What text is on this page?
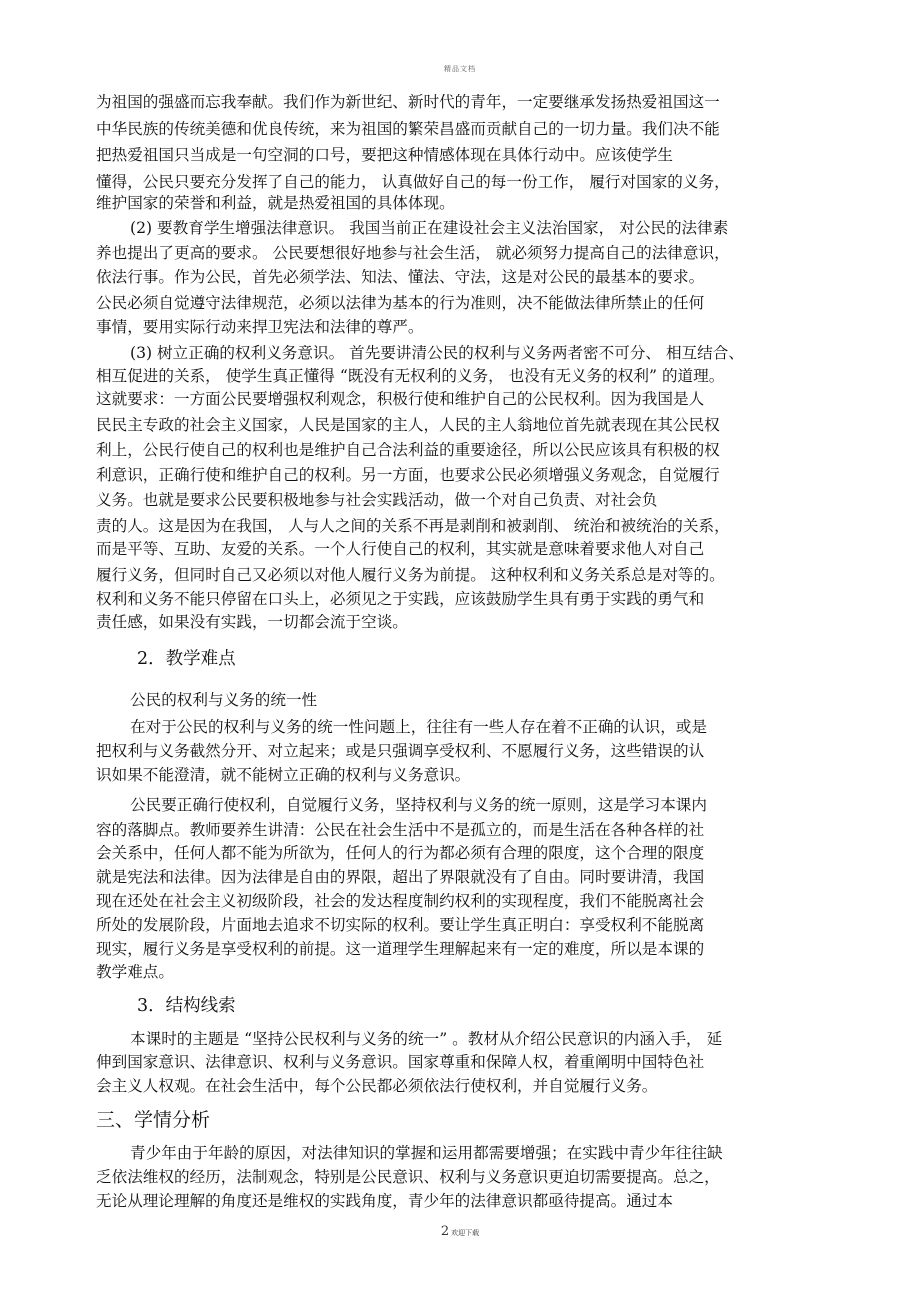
精品文档
为祖国的强盛而忘我奉献。我们作为新世纪、新时代的青年，一定要继承发扬热爱祖国这一
中华民族的传统美德和优良传统，来为祖国的繁荣昌盛而贡献自己的一切力量。我们决不能
把热爱祖国只当成是一句空洞的口号，要把这种情感体现在具体行动中。应该使学生
懂得，公民只要充分发挥了自己的能力， 认真做好自己的每一份工作， 履行对国家的义务，
维护国家的荣誉和利益，就是热爱祖国的具体体现。
(2) 要教育学生增强法律意识。 我国当前正在建设社会主义法治国家， 对公民的法律素
养也提出了更高的要求。 公民要想很好地参与社会生活， 就必须努力提高自己的法律意识，
依法行事。作为公民，首先必须学法、知法、懂法、守法，这是对公民的最基本的要求。
公民必须自觉遵守法律规范，必须以法律为基本的行为准则，决不能做法律所禁止的任何
事情，要用实际行动来捍卫宪法和法律的尊严。
(3) 树立正确的权利义务意识。 首先要讲清公民的权利与义务两者密不可分、 相互结合、
相互促进的关系， 使学生真正懂得 “既没有无权利的义务， 也没有无义务的权利” 的道理。
这就要求：一方面公民要增强权利观念，积极行使和维护自己的公民权利。因为我国是人
民民主专政的社会主义国家，人民是国家的主人，人民的主人翁地位首先就表现在其公民权
利上，公民行使自己的权利也是维护自己合法利益的重要途径，所以公民应该具有积极的权
利意识，正确行使和维护自己的权利。另一方面，也要求公民必须增强义务观念，自觉履行
义务。也就是要求公民要积极地参与社会实践活动，做一个对自己负责、对社会负
责的人。这是因为在我国， 人与人之间的关系不再是剥削和被剥削、 统治和被统治的关系，
而是平等、互助、友爱的关系。一个人行使自己的权利，其实就是意味着要求他人对自己
履行义务，但同时自己又必须以对他人履行义务为前提。 这种权利和义务关系总是对等的。
权利和义务不能只停留在口头上，必须见之于实践，应该鼓励学生具有勇于实践的勇气和
责任感，如果没有实践，一切都会流于空谈。
2．教学难点
公民的权利与义务的统一性
在对于公民的权利与义务的统一性问题上，往往有一些人存在着不正确的认识，或是
把权利与义务截然分开、对立起来；或是只强调享受权利、不愿履行义务，这些错误的认
识如果不能澄清，就不能树立正确的权利与义务意识。
公民要正确行使权利，自觉履行义务，坚持权利与义务的统一原则，这是学习本课内
容的落脚点。教师要养生讲清：公民在社会生活中不是孤立的，而是生活在各种各样的社
会关系中，任何人都不能为所欲为，任何人的行为都必须有合理的限度，这个合理的限度
就是宪法和法律。因为法律是自由的界限，超出了界限就没有了自由。同时要讲清，我国
现在还处在社会主义初级阶段，社会的发达程度制约权利的实现程度，我们不能脱离社会
所处的发展阶段，片面地去追求不切实际的权利。要让学生真正明白：享受权利不能脱离
现实，履行义务是享受权利的前提。这一道理学生理解起来有一定的难度，所以是本课的
教学难点。
3．结构线索
本课时的主题是 “坚持公民权利与义务的统一” 。教材从介绍公民意识的内涵入手， 延
伸到国家意识、法律意识、权利与义务意识。国家尊重和保障人权，着重阐明中国特色社
会主义人权观。在社会生活中，每个公民都必须依法行使权利，并自觉履行义务。
三、学情分析
青少年由于年龄的原因，对法律知识的掌握和运用都需要增强；在实践中青少年往往缺
乏依法维权的经历，法制观念，特别是公民意识、权利与义务意识更迫切需要提高。总之，
无论从理论理解的角度还是维权的实践角度，青少年的法律意识都亟待提高。通过本
2 欢迎下载
